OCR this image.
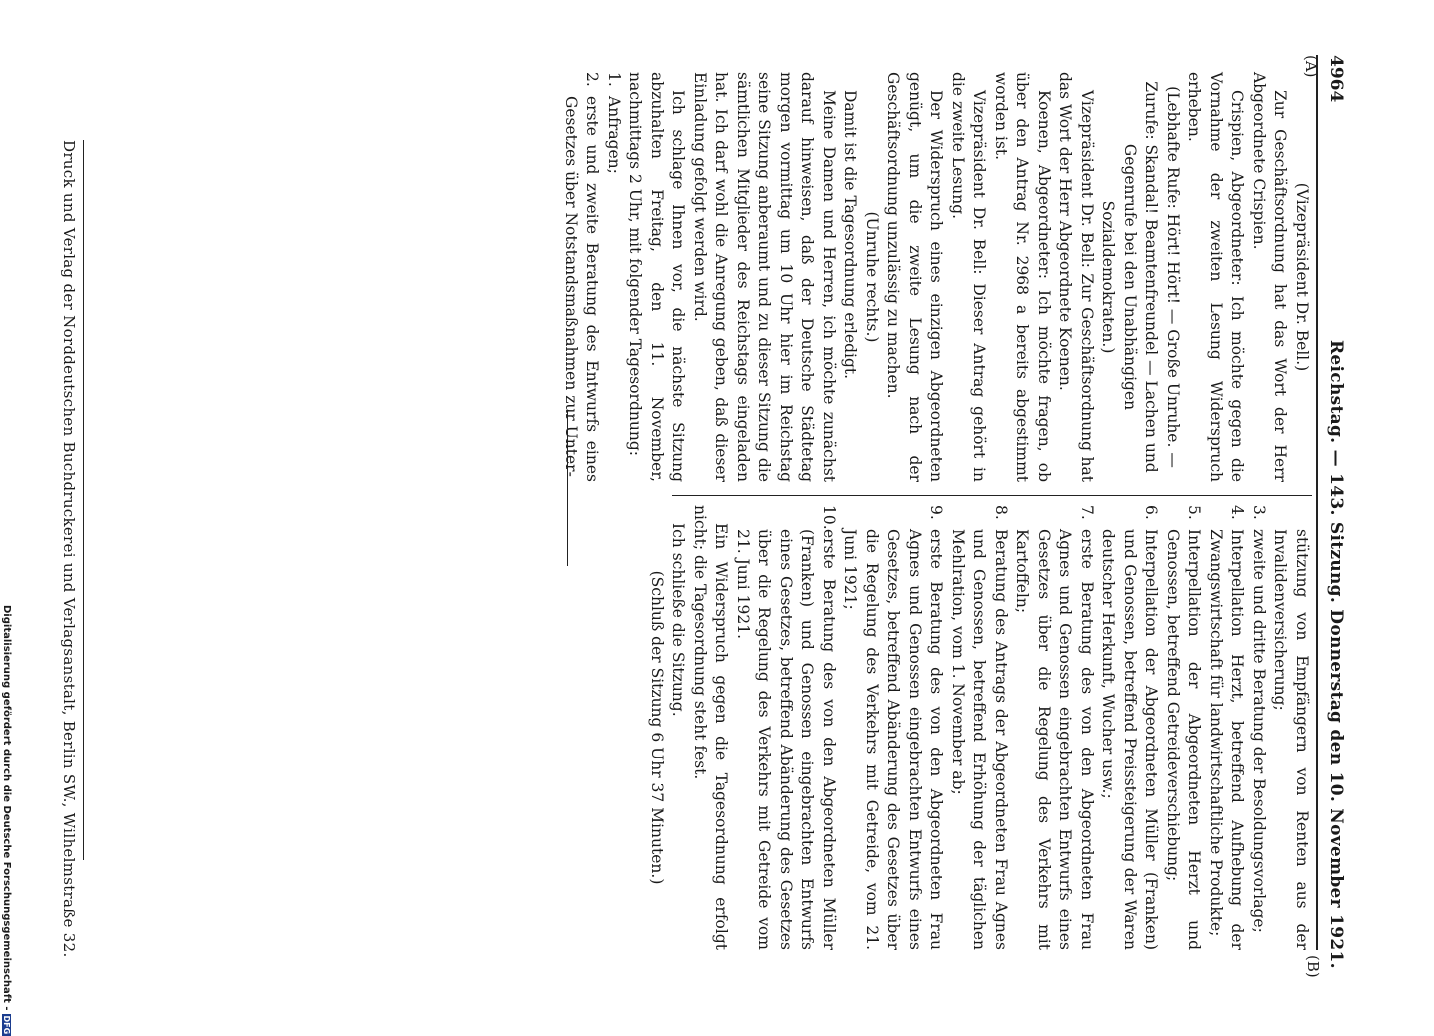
4964
Reichstag. — 143. Sitzung. Donnerstag den 10. November 1921.
(A)
(B)

(Vizepräsident Dr. Bell.)

Zur Geschäftsordnung hat das Wort der Herr Abgeordnete Crispien.

Crispien, Abgeordneter: Ich möchte gegen die Vornahme der zweiten Lesung Widerspruch erheben.

(Lebhafte Rufe: Hört! Hört! — Große Unruhe. — Zurufe: Skandal! Beamtenfreundel — Lachen und Gegenrufe bei den Unabhängigen Sozialdemokraten.)

Vizepräsident Dr. Bell: Zur Geschäftsordnung hat das Wort der Herr Abgeordnete Koenen.

Koenen, Abgeordneter: Ich möchte fragen, ob über den Antrag Nr. 2968 a bereits abgestimmt worden ist.

Vizepräsident Dr. Bell: Dieser Antrag gehört in die zweite Lesung.

Der Widerspruch eines einzigen Abgeordneten genügt, um die zweite Lesung nach der Geschäftsordnung unzulässig zu machen.

(Unruhe rechts.)

Damit ist die Tagesordnung erledigt.

Meine Damen und Herren, ich möchte zunächst darauf hinweisen, daß der Deutsche Städtetag morgen vormittag um 10 Uhr hier im Reichstag seine Sitzung anberaumt und zu dieser Sitzung die sämtlichen Mitglieder des Reichstags eingeladen hat. Ich darf wohl die Anregung geben, daß dieser Einladung gefolgt werden wird.

Ich schlage Ihnen vor, die nächste Sitzung abzuhalten Freitag, den 11. November, nachmittags 2 Uhr, mit folgender Tagesordnung:

1.
Anfragen;
2.
erste und zweite Beratung des Entwurfs eines Gesetzes über Notstandsmaßnahmen zur Unter-

stützung von Empfängern von Renten aus der Invalidenversicherung;

3.
zweite und dritte Beratung der Besoldungsvorlage;
4.
Interpellation Herzt, betreffend Aufhebung der Zwangswirtschaft für landwirtschaftliche Produkte;
5.
Interpellation der Abgeordneten Herzt und Genossen, betreffend Getreideverschiebung;
6.
Interpellation der Abgeordneten Müller (Franken) und Genossen, betreffend Preissteigerung der Waren deutscher Herkunft, Wucher usw.;
7.
erste Beratung des von den Abgeordneten Frau Agnes und Genossen eingebrachten Entwurfs eines Gesetzes über die Regelung des Verkehrs mit Kartoffeln;
8.
Beratung des Antrags der Abgeordneten Frau Agnes und Genossen, betreffend Erhöhung der täglichen Mehlration, vom 1. November ab;
9.
erste Beratung des von den Abgeordneten Frau Agnes und Genossen eingebrachten Entwurfs eines Gesetzes, betreffend Abänderung des Gesetzes über die Regelung des Verkehrs mit Getreide, vom 21. Juni 1921;
10.
erste Beratung des von den Abgeordneten Müller (Franken) und Genossen eingebrachten Entwurfs eines Gesetzes, betreffend Abänderung des Gesetzes über die Regelung des Verkehrs mit Getreide vom 21. Juni 1921.

Ein Widerspruch gegen die Tagesordnung erfolgt nicht; die Tagesordnung steht fest.

Ich schließe die Sitzung.

(Schluß der Sitzung 6 Uhr 37 Minuten.)

Druck und Verlag der Norddeutschen Buchdruckerei und Verlagsanstalt, Berlin SW., Wilhelmstraße 32.
Digitalisierung gefördert durch die Deutsche Forschungsgemeinschaft -DFG
